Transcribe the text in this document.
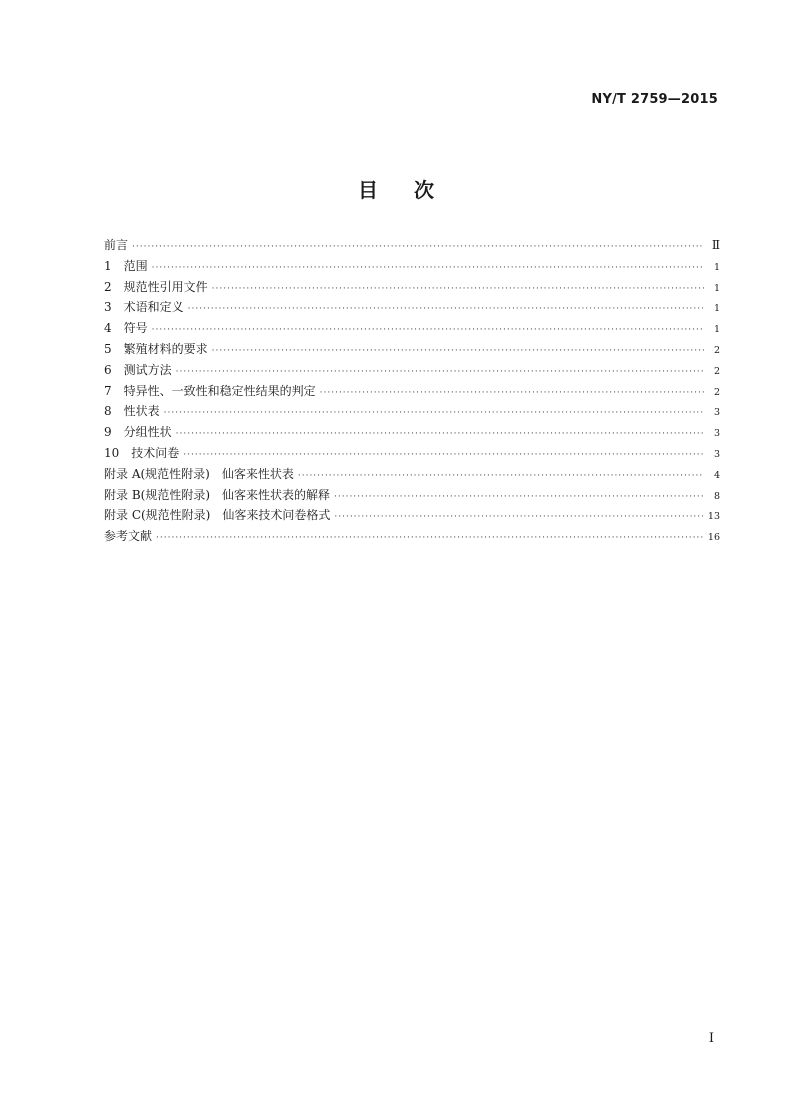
NY/T 2759—2015
目次
前言 ·····	Ⅱ
1　范围 ·····	1
2　规范性引用文件 ·····	1
3　术语和定义 ·····	1
4　符号 ·····	1
5　繁殖材料的要求 ·····	2
6　测试方法 ·····	2
7　特异性、一致性和稳定性结果的判定 ·····	2
8　性状表 ·····	3
9　分组性状 ·····	3
10　技术问卷 ·····	3
附录 A(规范性附录)　仙客来性状表 ·····	4
附录 B(规范性附录)　仙客来性状表的解释 ·····	8
附录 C(规范性附录)　仙客来技术问卷格式 ·····	13
参考文献 ·····	16
Ⅰ
